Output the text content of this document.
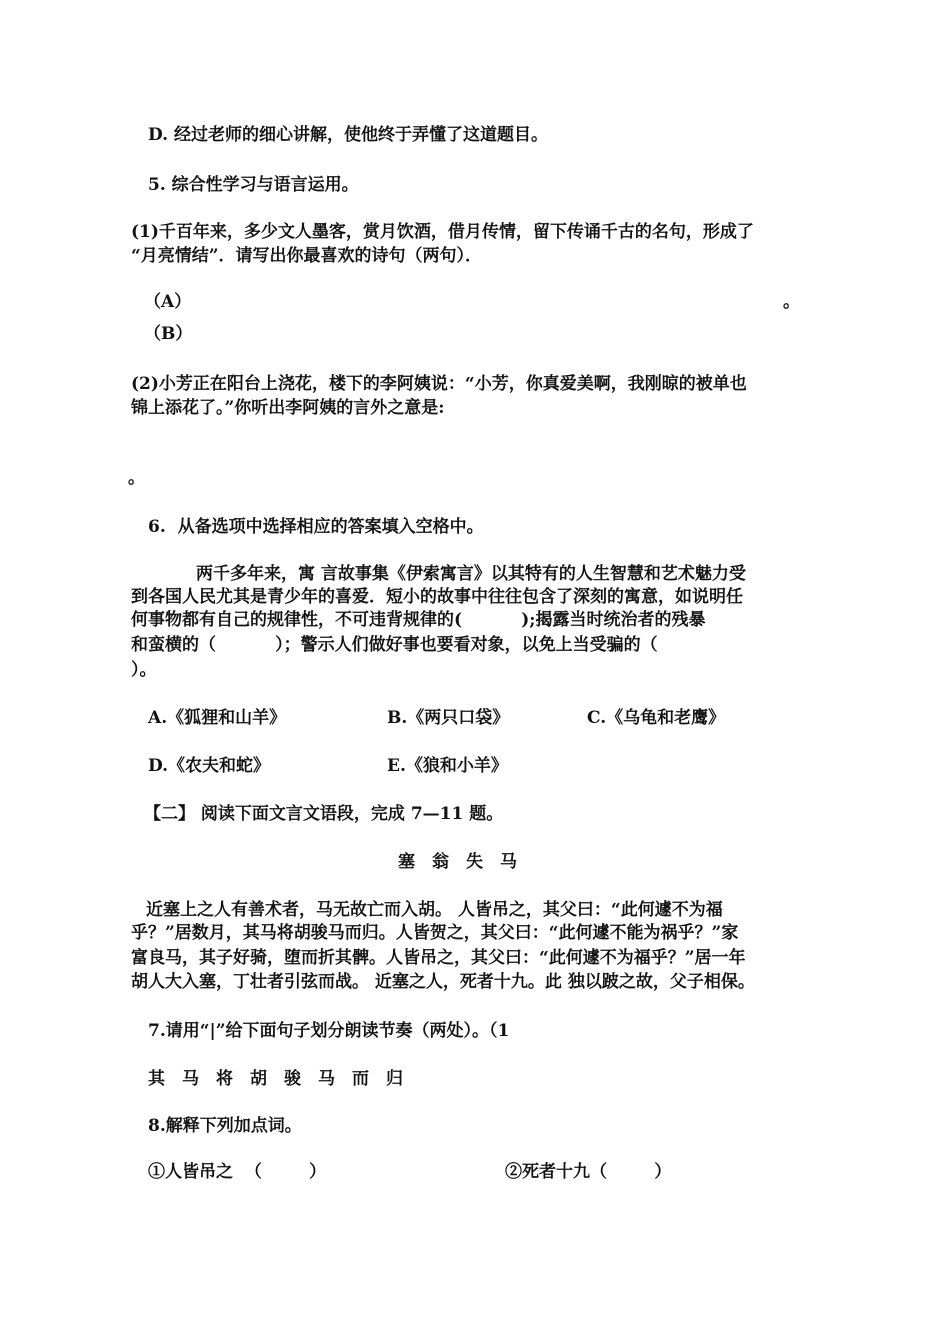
D. 经过老师的细心讲解，使他终于弄懂了这道题目。
5. 综合性学习与语言运用。
(1)千百年来，多少文人墨客，赏月饮酒，借月传情，留下传诵千古的名句，形成了
“月亮情结”．请写出你最喜欢的诗句（两句）．
（A）	。
（B）
(2)小芳正在阳台上浇花，楼下的李阿姨说：“小芳，你真爱美啊，我刚晾的被单也
锦上添花了。”你听出李阿姨的言外之意是:
。
6.  从备选项中选择相应的答案填入空格中。
两千多年来，寓 言故事集《伊索寓言》以其特有的人生智慧和艺术魅力受
到各国人民尤其是青少年的喜爱．短小的故事中往往包含了深刻的寓意，如说明任
何事物都有自己的规律性，不可违背规律的(          );揭露当时统治者的残暴
和蛮横的（          ）；警示人们做好事也要看对象，以免上当受骗的（
）。
A.《狐狸和山羊》	B.《两只口袋》	C.《乌龟和老鹰》
D.《农夫和蛇》	E.《狼和小羊》
【二】 阅读下面文言文语段，完成 7—11 题。
塞翁失马
近塞上之人有善术者，马无故亡而入胡。 人皆吊之，其父曰：“此何遽不为福
乎？”居数月，其马将胡骏马而归。人皆贺之，其父曰：“此何遽不能为祸乎？”家
富良马，其子好骑，堕而折其髀。人皆吊之，其父曰：“此何遽不为福乎？”居一年
胡人大入塞，丁壮者引弦而战。 近塞之人，死者十九。此 独以跛之故，父子相保。
7.请用“|”给下面句子划分朗读节奏（两处）。（1
其马将胡骏马而归
8.解释下列加点词。
①人皆吊之  （        ）	②死者十九（        ）
